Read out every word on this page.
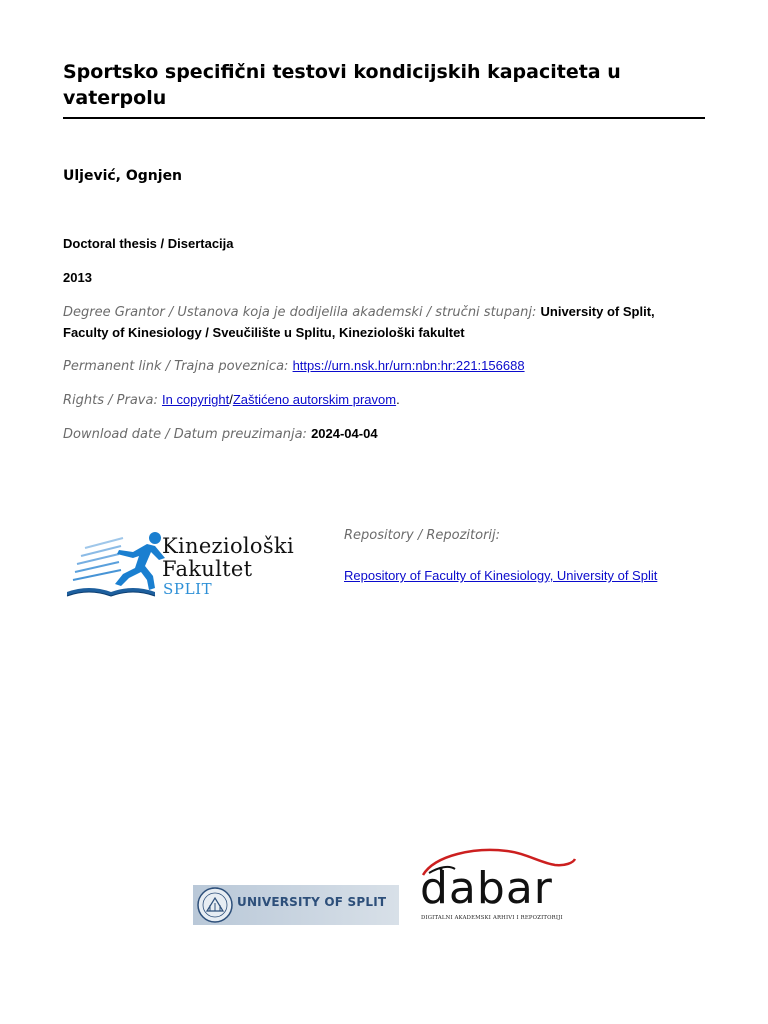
Sportsko specifični testovi kondicijskih kapaciteta u vaterpolu
Uljević, Ognjen
Doctoral thesis / Disertacija
2013
Degree Grantor / Ustanova koja je dodijelila akademski / stručni stupanj: University of Split, Faculty of Kinesiology / Sveučilište u Splitu, Kineziološki fakultet
Permanent link / Trajna poveznica: https://urn.nsk.hr/urn:nbn:hr:221:156688
Rights / Prava: In copyright/Zaštićeno autorskim pravom.
Download date / Datum preuzimanja: 2024-04-04
Kineziološki
Fakultet
SPLIT
Repository / Repozitorij:
Repository of Faculty of Kinesiology, University of Split
UNIVERSITY OF SPLIT dabar
DIGITALNI AKADEMSKI ARHIVI I REPOZITORIJI
